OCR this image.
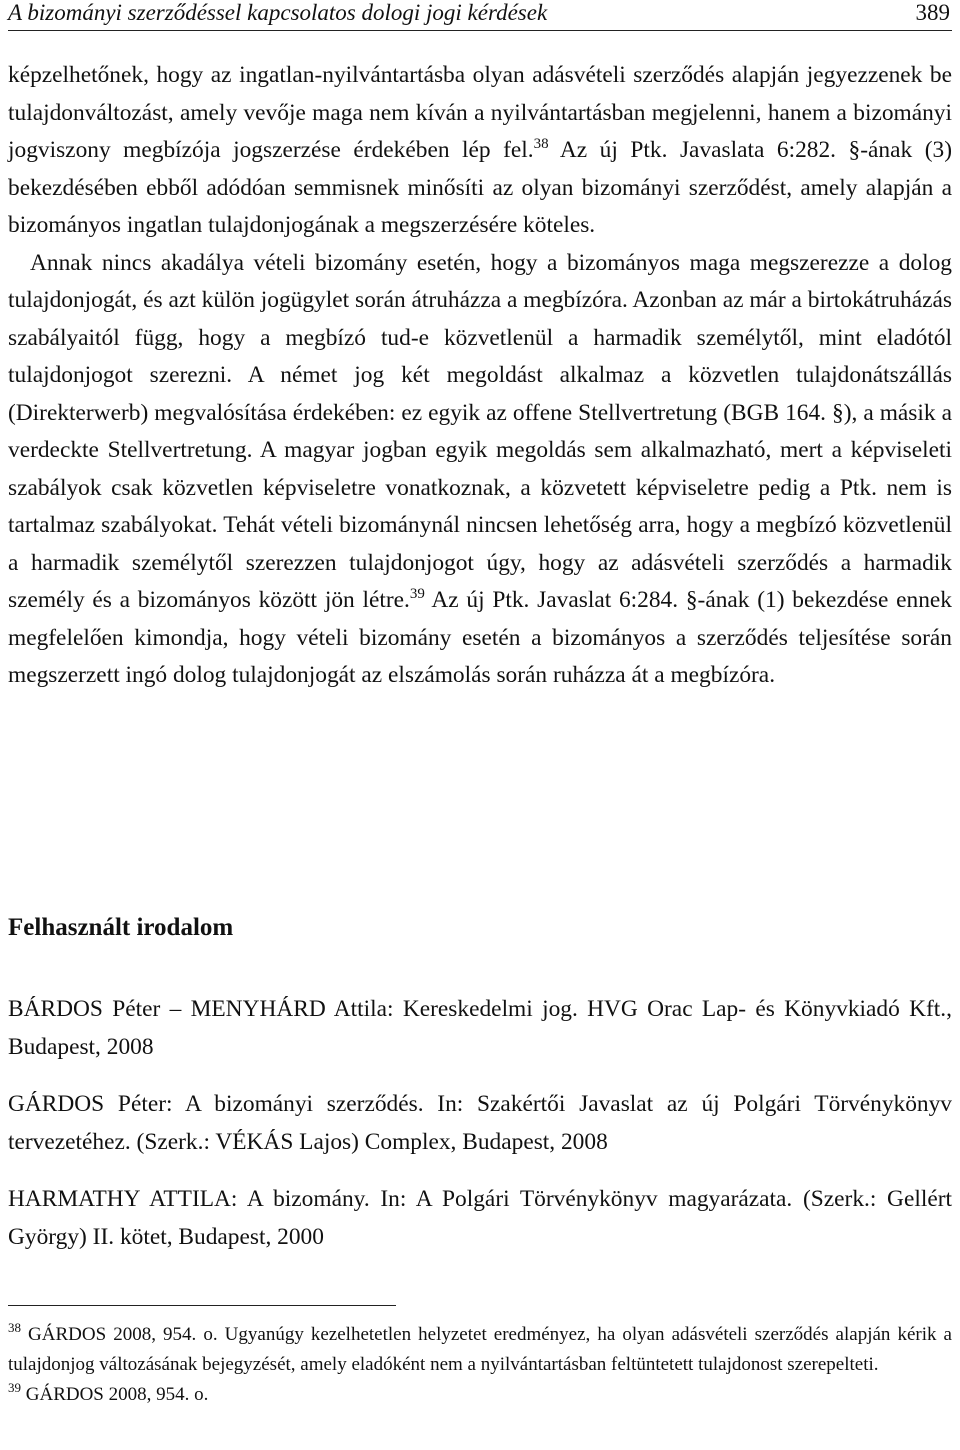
A bizományi szerződéssel kapcsolatos dologi jogi kérdések	389

képzelhetőnek, hogy az ingatlan-nyilvántartásba olyan adásvételi szerződés alapján jegyezzenek be tulajdonváltozást, amely vevője maga nem kíván a nyilvántartásban megjelenni, hanem a bizományi jogviszony megbízója jogszerzése érdekében lép fel.$^{38}$ Az új Ptk. Javaslata 6:282. §-ának (3) bekezdésében ebből adódóan semmisnek minősíti az olyan bizományi szerződést, amely alapján a bizományos ingatlan tulajdonjogának a megszerzésére köteles.

Annak nincs akadálya vételi bizomány esetén, hogy a bizományos maga megszerezze a dolog tulajdonjogát, és azt külön jogügylet során átruházza a megbízóra. Azonban az már a birtokátruházás szabályaitól függ, hogy a megbízó tud-e közvetlenül a harmadik személytől, mint eladótól tulajdonjogot szerezni. A német jog két megoldást alkalmaz a közvetlen tulajdonátszállás (Direkterwerb) megvalósítása érdekében: ez egyik az offene Stellvertretung (BGB 164. §), a másik a verdeckte Stellvertretung. A magyar jogban egyik megoldás sem alkalmazható, mert a képviseleti szabályok csak közvetlen képviseletre vonatkoznak, a közvetett képviseletre pedig a Ptk. nem is tartalmaz szabályokat. Tehát vételi bizománynál nincsen lehetőség arra, hogy a megbízó közvetlenül a harmadik személytől szerezzen tulajdonjogot úgy, hogy az adásvételi szerződés a harmadik személy és a bizományos között jön létre.$^{39}$ Az új Ptk. Javaslat 6:284. §-ának (1) bekezdése ennek megfelelően kimondja, hogy vételi bizomány esetén a bizományos a szerződés teljesítése során megszerzett ingó dolog tulajdonjogát az elszámolás során ruházza át a megbízóra.

Felhasznált irodalom

BÁRDOS Péter – MENYHÁRD Attila: Kereskedelmi jog. HVG Orac Lap- és Könyvkiadó Kft., Budapest, 2008

GÁRDOS Péter: A bizományi szerződés. In: Szakértői Javaslat az új Polgári Törvénykönyv tervezetéhez. (Szerk.: VÉKÁS Lajos) Complex, Budapest, 2008

HARMATHY ATTILA: A bizomány. In: A Polgári Törvénykönyv magyarázata. (Szerk.: Gellért György) II. kötet, Budapest, 2000

$^{38}$ GÁRDOS 2008, 954. o. Ugyanúgy kezelhetetlen helyzetet eredményez, ha olyan adásvételi szerződés alapján kérik a tulajdonjog változásának bejegyzését, amely eladóként nem a nyilvántartásban feltüntetett tulajdonost szerepelteti.

$^{39}$ GÁRDOS 2008, 954. o.
